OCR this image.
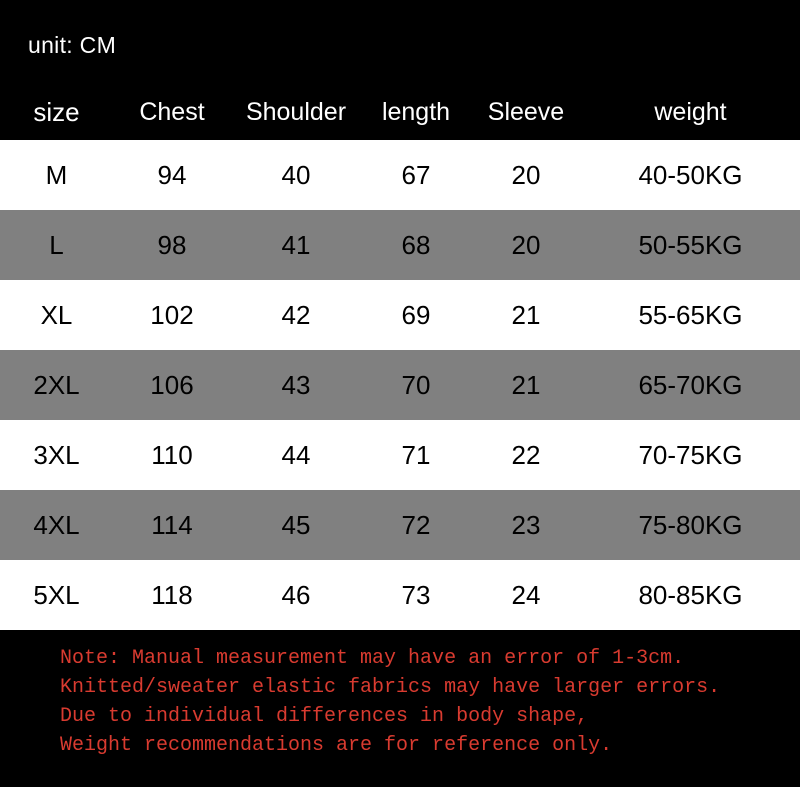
unit: CM
size	Chest	Shoulder	length	Sleeve	weight
M	94	40	67	20	40-50KG
L	98	41	68	20	50-55KG
XL	102	42	69	21	55-65KG
2XL	106	43	70	21	65-70KG
3XL	110	44	71	22	70-75KG
4XL	114	45	72	23	75-80KG
5XL	118	46	73	24	80-85KG
Note: Manual measurement may have an error of 1-3cm.
Knitted/sweater elastic fabrics may have larger errors.
Due to individual differences in body shape,
Weight recommendations are for reference only.
